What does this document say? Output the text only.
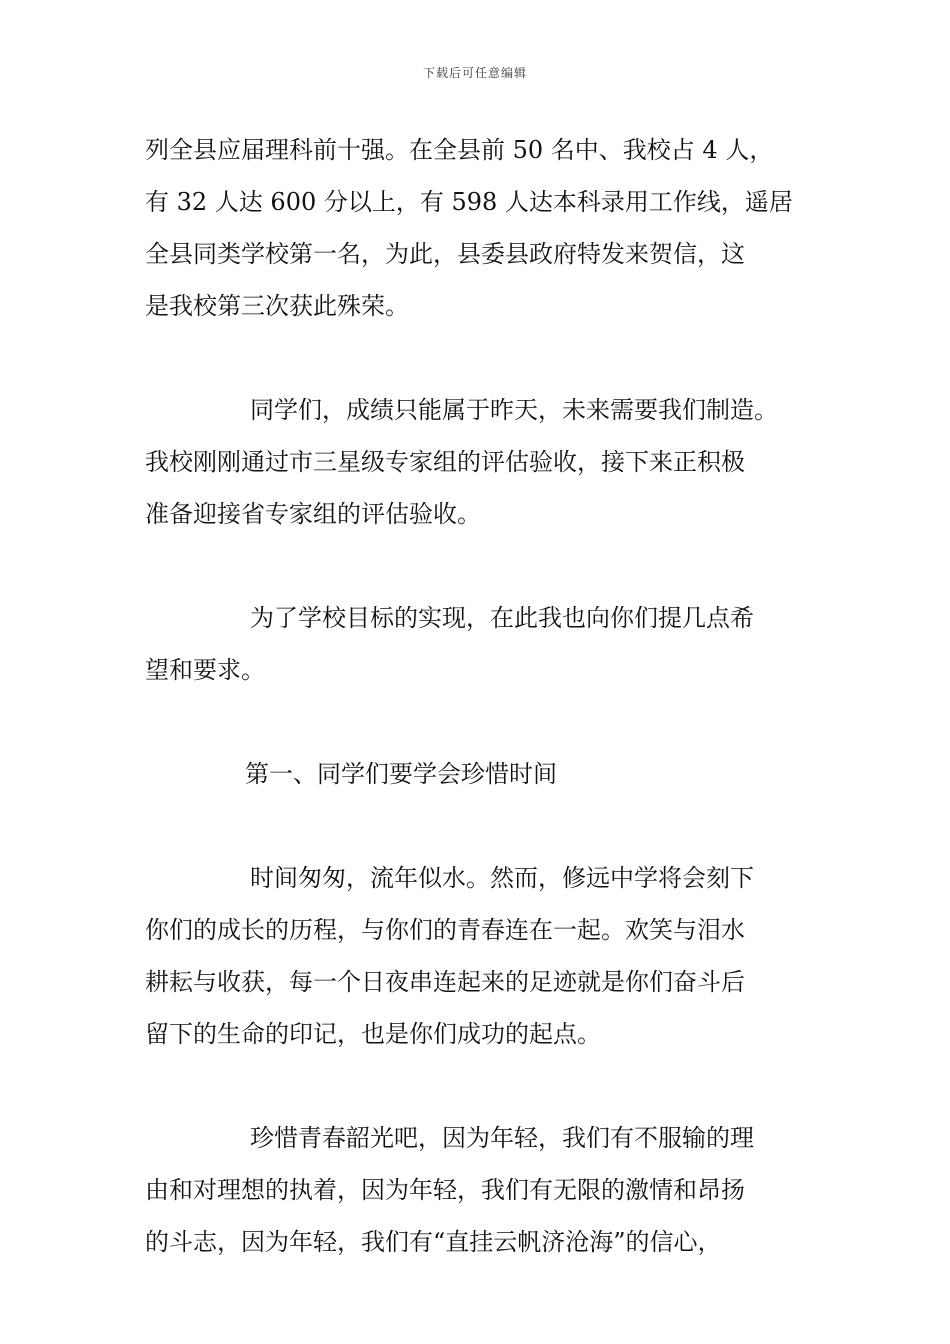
下载后可任意编辑
列全县应届理科前十强。在全县前 50 名中、我校占 4 人，
有 32 人达 600 分以上，有 598 人达本科录用工作线，遥居
全县同类学校第一名，为此，县委县政府特发来贺信，这
是我校第三次获此殊荣。
同学们，成绩只能属于昨天，未来需要我们制造。
我校刚刚通过市三星级专家组的评估验收，接下来正积极
准备迎接省专家组的评估验收。
为了学校目标的实现，在此我也向你们提几点希
望和要求。
第一、同学们要学会珍惜时间
时间匆匆，流年似水。然而，修远中学将会刻下
你们的成长的历程，与你们的青春连在一起。欢笑与泪水
耕耘与收获，每一个日夜串连起来的足迹就是你们奋斗后
留下的生命的印记，也是你们成功的起点。
珍惜青春韶光吧，因为年轻，我们有不服输的理
由和对理想的执着，因为年轻，我们有无限的激情和昂扬
的斗志，因为年轻，我们有“直挂云帆济沧海”的信心，
